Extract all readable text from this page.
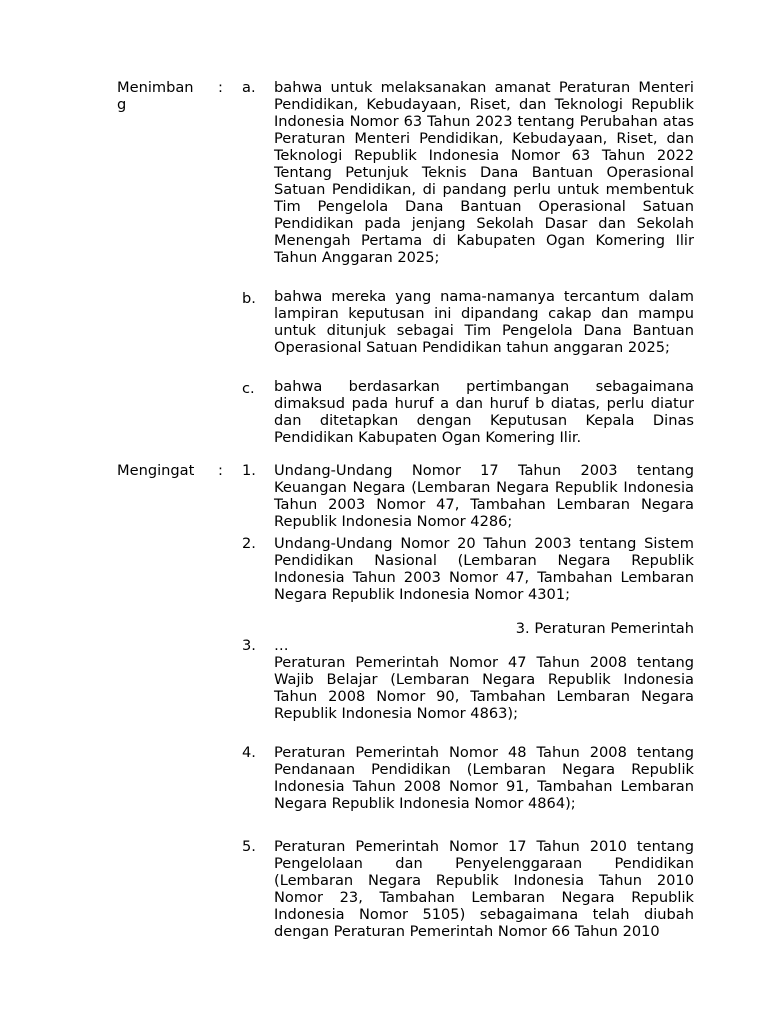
Menimbang
: a. bahwa untuk melaksanakan amanat Peraturan Menteri Pendidikan, Kebudayaan, Riset, dan Teknologi Republik Indonesia Nomor 63 Tahun 2023 tentang Perubahan atas Peraturan Menteri Pendidikan, Kebudayaan, Riset, dan Teknologi Republik Indonesia Nomor 63 Tahun 2022 Tentang Petunjuk Teknis Dana Bantuan Operasional Satuan Pendidikan, di pandang perlu untuk membentuk Tim Pengelola Dana Bantuan Operasional Satuan Pendidikan pada jenjang Sekolah Dasar dan Sekolah Menengah Pertama di Kabupaten Ogan Komering Ilir Tahun Anggaran 2025;
b. bahwa mereka yang nama-namanya tercantum dalam lampiran keputusan ini dipandang cakap dan mampu untuk ditunjuk sebagai Tim Pengelola Dana Bantuan Operasional Satuan Pendidikan tahun anggaran 2025;
c. bahwa berdasarkan pertimbangan sebagaimana dimaksud pada huruf a dan huruf b diatas, perlu diatur dan ditetapkan dengan Keputusan Kepala Dinas Pendidikan Kabupaten Ogan Komering Ilir.
Mengingat	: 1. Undang-Undang Nomor 17 Tahun 2003 tentang Keuangan Negara (Lembaran Negara Republik Indonesia Tahun 2003 Nomor 47, Tambahan Lembaran Negara Republik Indonesia Nomor 4286;
2. Undang-Undang Nomor 20 Tahun 2003 tentang Sistem Pendidikan Nasional (Lembaran Negara Republik Indonesia Tahun 2003 Nomor 47, Tambahan Lembaran Negara Republik Indonesia Nomor 4301;
3. Peraturan Pemerintah
3. …
Peraturan Pemerintah Nomor 47 Tahun 2008 tentang Wajib Belajar (Lembaran Negara Republik Indonesia Tahun 2008 Nomor 90, Tambahan Lembaran Negara Republik Indonesia Nomor 4863);
4. Peraturan Pemerintah Nomor 48 Tahun 2008 tentang Pendanaan Pendidikan (Lembaran Negara Republik Indonesia Tahun 2008 Nomor 91, Tambahan Lembaran Negara Republik Indonesia Nomor 4864);
5. Peraturan Pemerintah Nomor 17 Tahun 2010 tentang Pengelolaan dan Penyelenggaraan Pendidikan (Lembaran Negara Republik Indonesia Tahun 2010 Nomor 23, Tambahan Lembaran Negara Republik Indonesia Nomor 5105) sebagaimana telah diubah dengan Peraturan Pemerintah Nomor 66 Tahun 2010
